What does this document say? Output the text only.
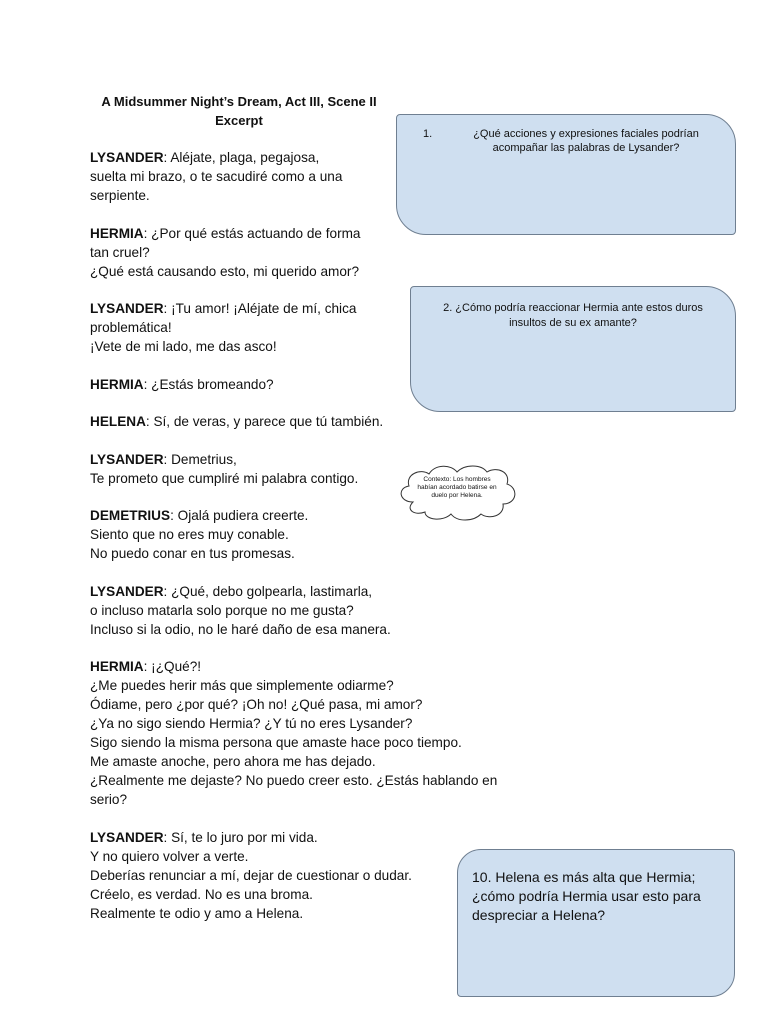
A Midsummer Night’s Dream, Act III, Scene II
Excerpt
LYSANDER: Aléjate, plaga, pegajosa,
suelta mi brazo, o te sacudiré como a una
serpiente.
HERMIA: ¿Por qué estás actuando de forma
tan cruel?
¿Qué está causando esto, mi querido amor?
LYSANDER: ¡Tu amor! ¡Aléjate de mí, chica
problemática!
¡Vete de mi lado, me das asco!
HERMIA: ¿Estás bromeando?
HELENA: Sí, de veras, y parece que tú también.
LYSANDER: Demetrius,
Te prometo que cumpliré mi palabra contigo.
DEMETRIUS: Ojalá pudiera creerte.
Siento que no eres muy conable.
No puedo conar en tus promesas.
LYSANDER: ¿Qué, debo golpearla, lastimarla,
o incluso matarla solo porque no me gusta?
Incluso si la odio, no le haré daño de esa manera.
HERMIA: ¡¿Qué?!
¿Me puedes herir más que simplemente odiarme?
Ódiame, pero ¿por qué? ¡Oh no! ¿Qué pasa, mi amor?
¿Ya no sigo siendo Hermia? ¿Y tú no eres Lysander?
Sigo siendo la misma persona que amaste hace poco tiempo.
Me amaste anoche, pero ahora me has dejado.
¿Realmente me dejaste? No puedo creer esto. ¿Estás hablando en
serio?
LYSANDER: Sí, te lo juro por mi vida.
Y no quiero volver a verte.
Deberías renunciar a mí, dejar de cuestionar o dudar.
Créelo, es verdad. No es una broma.
Realmente te odio y amo a Helena.
1.	¿Qué acciones y expresiones faciales podrían acompañar las palabras de Lysander?
2. ¿Cómo podría reaccionar Hermia ante estos duros insultos de su ex amante?
Contexto: Los hombres habían acordado batirse en duelo por Helena.
10. Helena es más alta que Hermia; ¿cómo podría Hermia usar esto para despreciar a Helena?
